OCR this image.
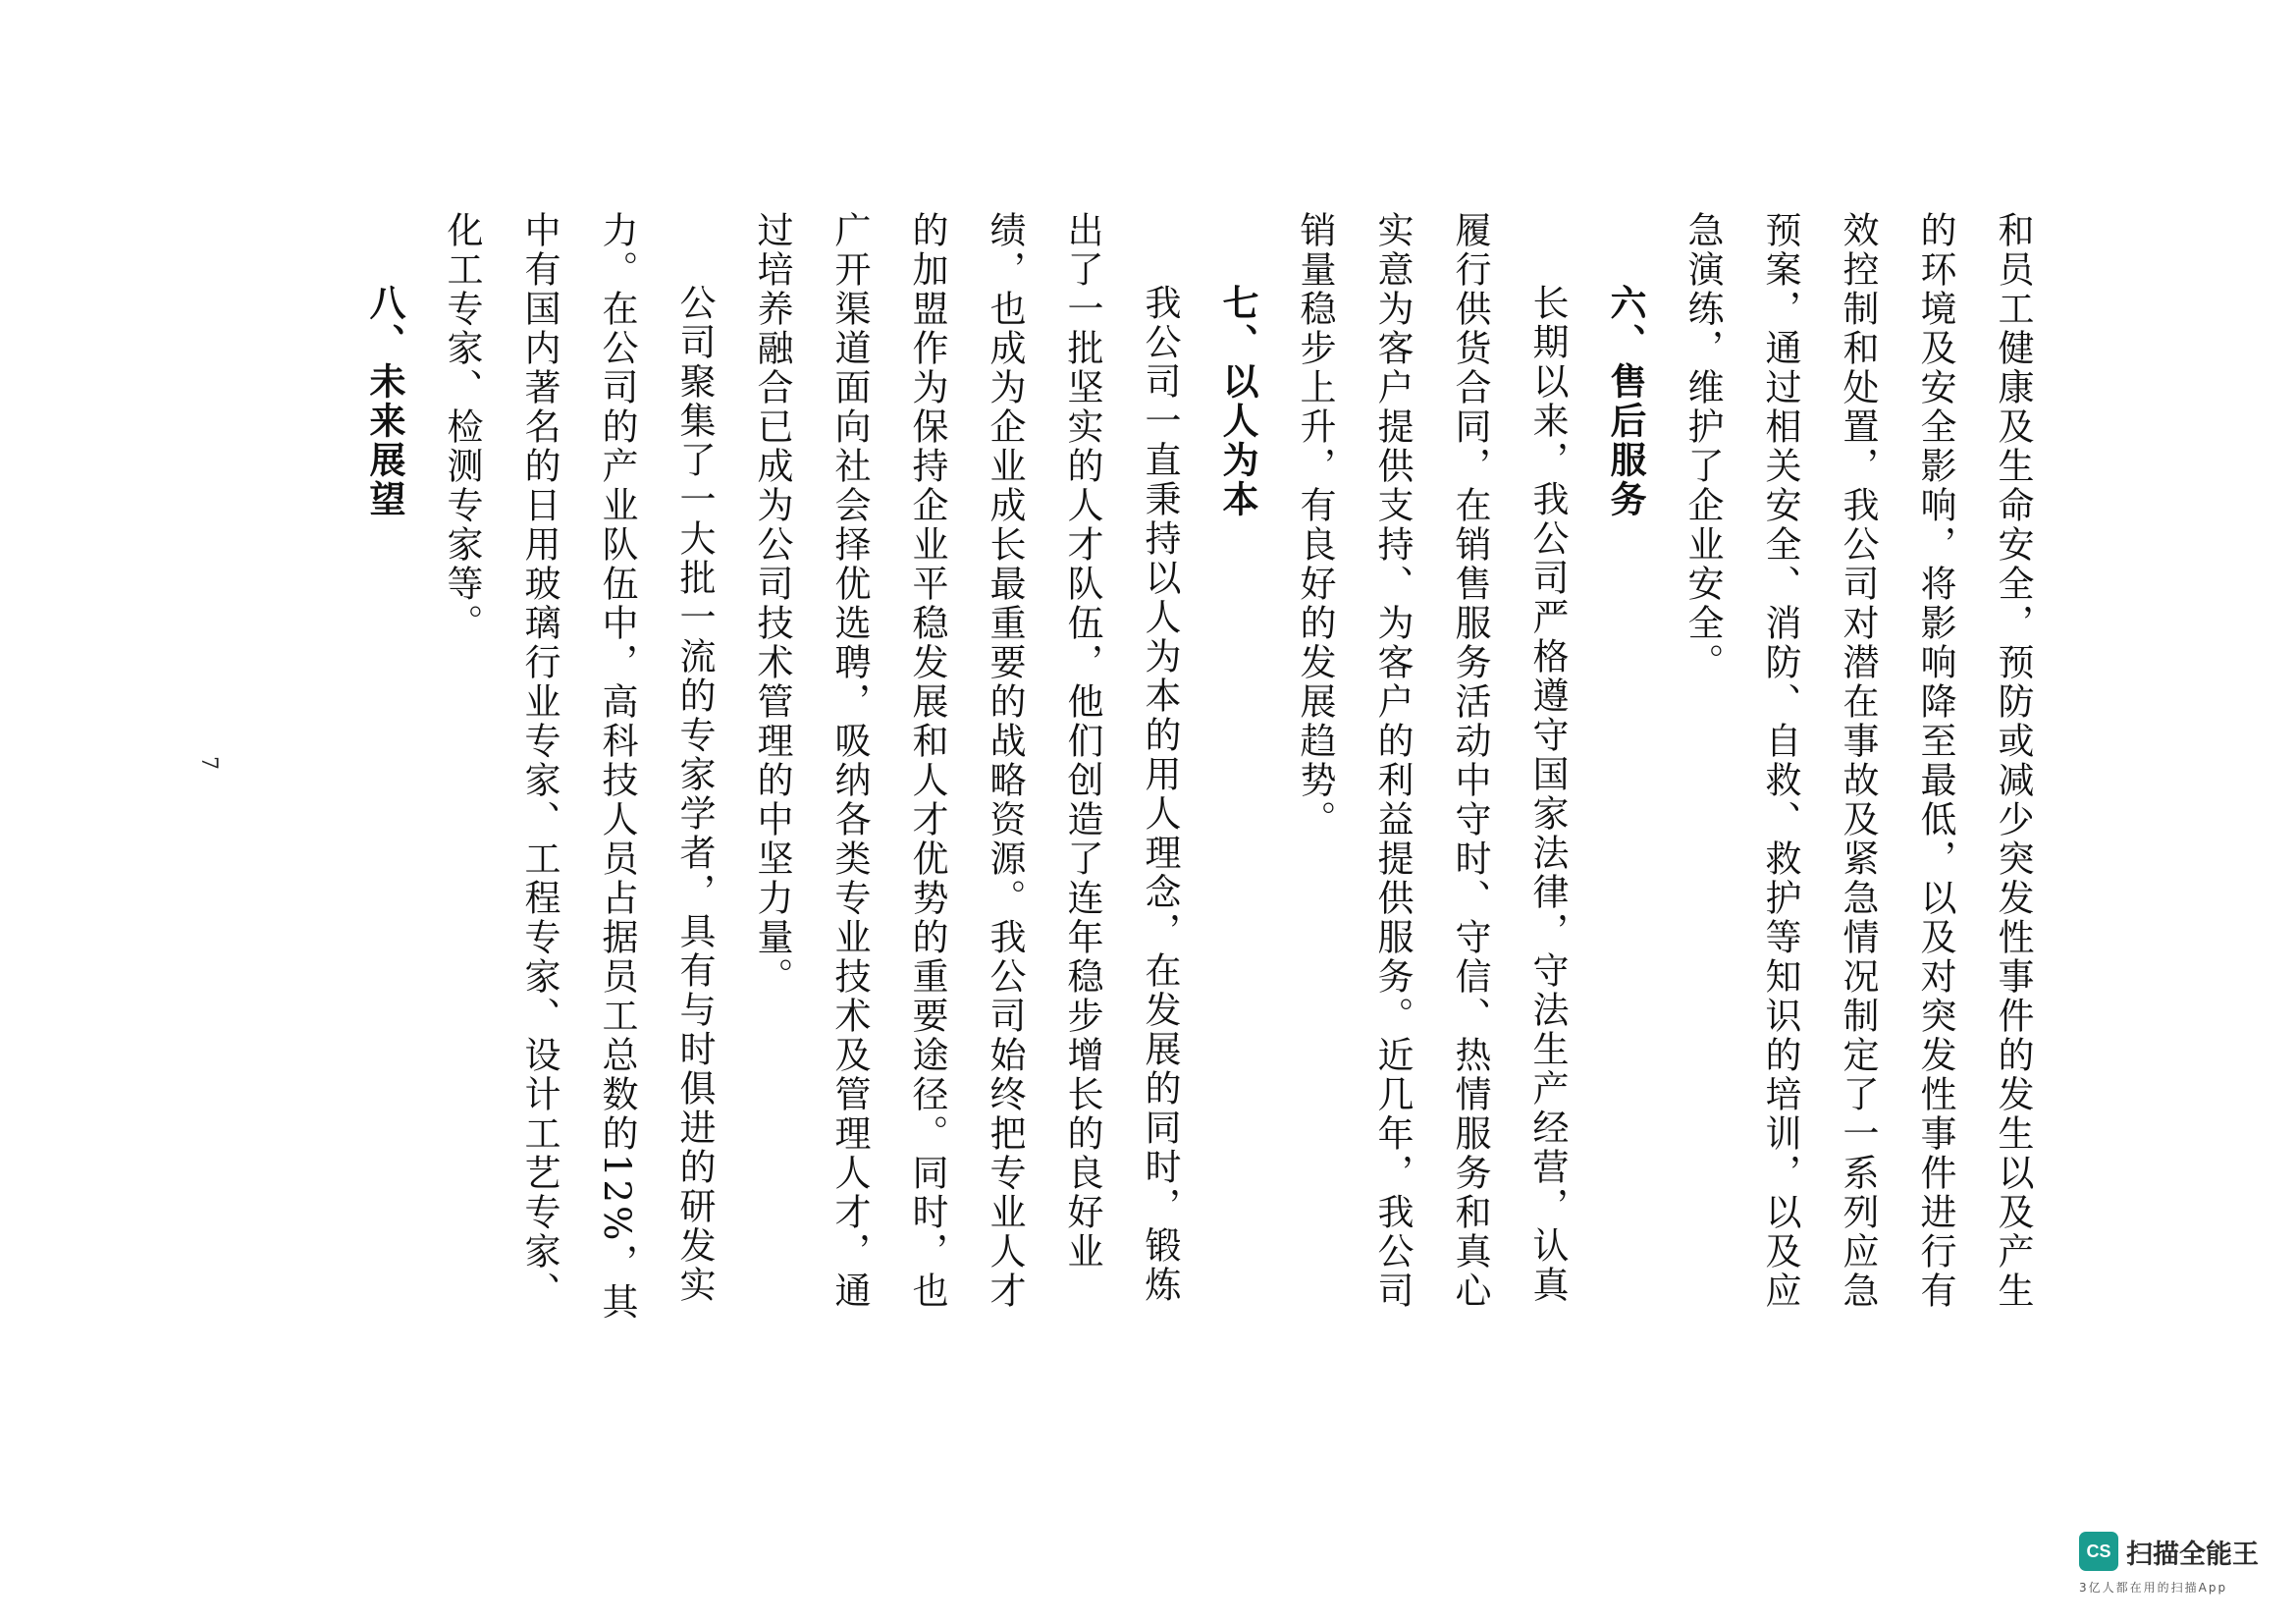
和员工健康及生命安全，预防或减少突发性事件的发生以及产生的环境及安全影响，将影响降至最低，以及对突发性事件进行有效控制和处置，我公司对潜在事故及紧急情况制定了一系列应急预案，通过相关安全、消防、自救、救护等知识的培训，以及应急演练，维护了企业安全。

六、售后服务

长期以来，我公司严格遵守国家法律，守法生产经营，认真履行供货合同，在销售服务活动中守时、守信、热情服务和真心实意为客户提供支持、为客户的利益提供服务。近几年，我公司销量稳步上升，有良好的发展趋势。

七、以人为本

我公司一直秉持以人为本的用人理念，在发展的同时，锻炼出了一批坚实的人才队伍，他们创造了连年稳步增长的良好业绩，也成为企业成长最重要的战略资源。我公司始终把专业人才的加盟作为保持企业平稳发展和人才优势的重要途径。同时，也广开渠道面向社会择优选聘，吸纳各类专业技术及管理人才，通过培养融合已成为公司技术管理的中坚力量。

公司聚集了一大批一流的专家学者，具有与时俱进的研发实力。在公司的产业队伍中，高科技人员占据员工总数的12%，其中有国内著名的日用玻璃行业专家、工程专家、设计工艺专家、化工专家、检测专家等。

八、未来展望

7
CS 扫描全能王
3亿人都在用的扫描App
